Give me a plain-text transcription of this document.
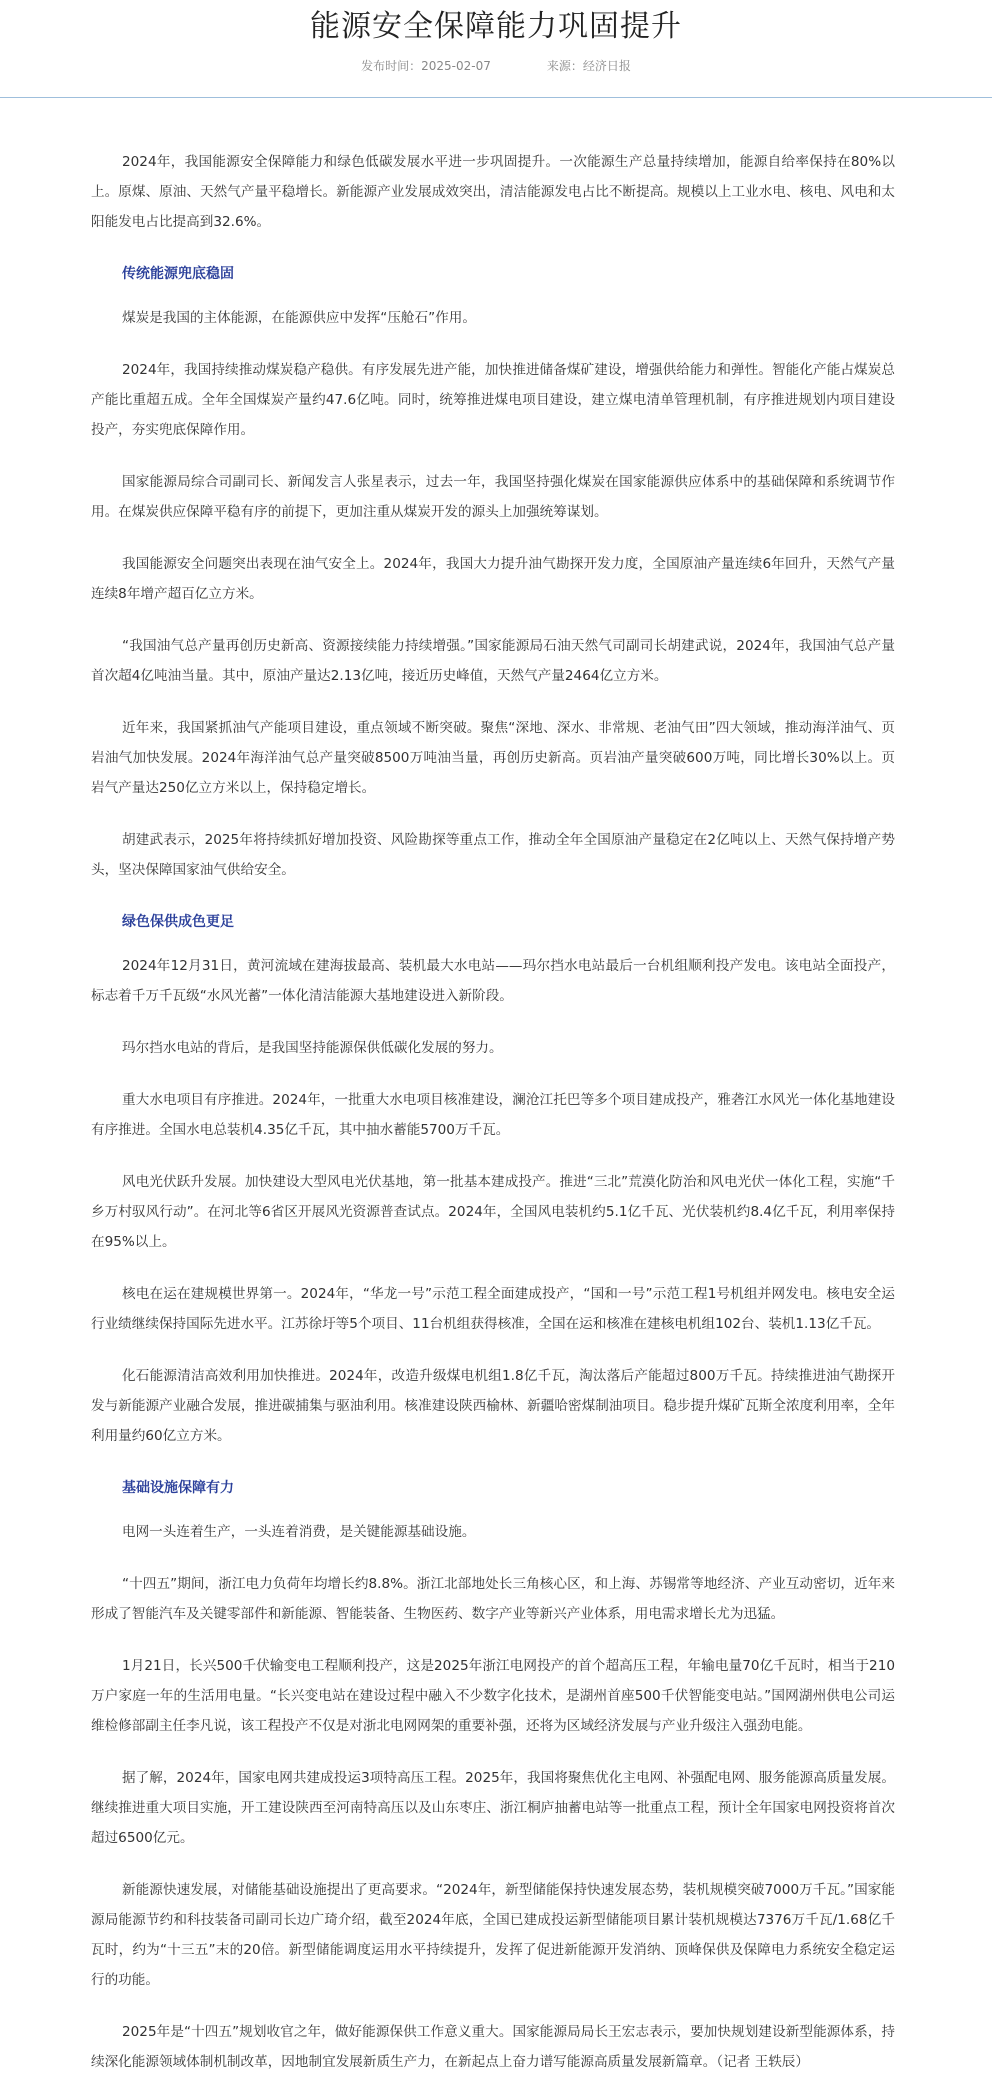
能源安全保障能力巩固提升
发布时间：2025-02-07	来源：经济日报

2024年，我国能源安全保障能力和绿色低碳发展水平进一步巩固提升。一次能源生产总量持续增加，能源自给率保持在80%以上。原煤、原油、天然气产量平稳增长。新能源产业发展成效突出，清洁能源发电占比不断提高。规模以上工业水电、核电、风电和太阳能发电占比提高到32.6%。

传统能源兜底稳固

煤炭是我国的主体能源，在能源供应中发挥“压舱石”作用。

2024年，我国持续推动煤炭稳产稳供。有序发展先进产能，加快推进储备煤矿建设，增强供给能力和弹性。智能化产能占煤炭总产能比重超五成。全年全国煤炭产量约47.6亿吨。同时，统筹推进煤电项目建设，建立煤电清单管理机制，有序推进规划内项目建设投产，夯实兜底保障作用。

国家能源局综合司副司长、新闻发言人张星表示，过去一年，我国坚持强化煤炭在国家能源供应体系中的基础保障和系统调节作用。在煤炭供应保障平稳有序的前提下，更加注重从煤炭开发的源头上加强统筹谋划。

我国能源安全问题突出表现在油气安全上。2024年，我国大力提升油气勘探开发力度，全国原油产量连续6年回升，天然气产量连续8年增产超百亿立方米。

“我国油气总产量再创历史新高、资源接续能力持续增强。”国家能源局石油天然气司副司长胡建武说，2024年，我国油气总产量首次超4亿吨油当量。其中，原油产量达2.13亿吨，接近历史峰值，天然气产量2464亿立方米。

近年来，我国紧抓油气产能项目建设，重点领域不断突破。聚焦“深地、深水、非常规、老油气田”四大领域，推动海洋油气、页岩油气加快发展。2024年海洋油气总产量突破8500万吨油当量，再创历史新高。页岩油产量突破600万吨，同比增长30%以上。页岩气产量达250亿立方米以上，保持稳定增长。

胡建武表示，2025年将持续抓好增加投资、风险勘探等重点工作，推动全年全国原油产量稳定在2亿吨以上、天然气保持增产势头，坚决保障国家油气供给安全。

绿色保供成色更足

2024年12月31日，黄河流域在建海拔最高、装机最大水电站——玛尔挡水电站最后一台机组顺利投产发电。该电站全面投产，标志着千万千瓦级“水风光蓄”一体化清洁能源大基地建设进入新阶段。

玛尔挡水电站的背后，是我国坚持能源保供低碳化发展的努力。

重大水电项目有序推进。2024年，一批重大水电项目核准建设，澜沧江托巴等多个项目建成投产，雅砻江水风光一体化基地建设有序推进。全国水电总装机4.35亿千瓦，其中抽水蓄能5700万千瓦。

风电光伏跃升发展。加快建设大型风电光伏基地，第一批基本建成投产。推进“三北”荒漠化防治和风电光伏一体化工程，实施“千乡万村驭风行动”。在河北等6省区开展风光资源普查试点。2024年，全国风电装机约5.1亿千瓦、光伏装机约8.4亿千瓦，利用率保持在95%以上。

核电在运在建规模世界第一。2024年，“华龙一号”示范工程全面建成投产，“国和一号”示范工程1号机组并网发电。核电安全运行业绩继续保持国际先进水平。江苏徐圩等5个项目、11台机组获得核准，全国在运和核准在建核电机组102台、装机1.13亿千瓦。

化石能源清洁高效利用加快推进。2024年，改造升级煤电机组1.8亿千瓦，淘汰落后产能超过800万千瓦。持续推进油气勘探开发与新能源产业融合发展，推进碳捕集与驱油利用。核准建设陕西榆林、新疆哈密煤制油项目。稳步提升煤矿瓦斯全浓度利用率，全年利用量约60亿立方米。

基础设施保障有力

电网一头连着生产，一头连着消费，是关键能源基础设施。

“十四五”期间，浙江电力负荷年均增长约8.8%。浙江北部地处长三角核心区，和上海、苏锡常等地经济、产业互动密切，近年来形成了智能汽车及关键零部件和新能源、智能装备、生物医药、数字产业等新兴产业体系，用电需求增长尤为迅猛。

1月21日，长兴500千伏输变电工程顺利投产，这是2025年浙江电网投产的首个超高压工程，年输电量70亿千瓦时，相当于210万户家庭一年的生活用电量。“长兴变电站在建设过程中融入不少数字化技术，是湖州首座500千伏智能变电站。”国网湖州供电公司运维检修部副主任李凡说，该工程投产不仅是对浙北电网网架的重要补强，还将为区域经济发展与产业升级注入强劲电能。

据了解，2024年，国家电网共建成投运3项特高压工程。2025年，我国将聚焦优化主电网、补强配电网、服务能源高质量发展。继续推进重大项目实施，开工建设陕西至河南特高压以及山东枣庄、浙江桐庐抽蓄电站等一批重点工程，预计全年国家电网投资将首次超过6500亿元。

新能源快速发展，对储能基础设施提出了更高要求。“2024年，新型储能保持快速发展态势，装机规模突破7000万千瓦。”国家能源局能源节约和科技装备司副司长边广琦介绍，截至2024年底，全国已建成投运新型储能项目累计装机规模达7376万千瓦/1.68亿千瓦时，约为“十三五”末的20倍。新型储能调度运用水平持续提升，发挥了促进新能源开发消纳、顶峰保供及保障电力系统安全稳定运行的功能。

2025年是“十四五”规划收官之年，做好能源保供工作意义重大。国家能源局局长王宏志表示，要加快规划建设新型能源体系，持续深化能源领域体制机制改革，因地制宜发展新质生产力，在新起点上奋力谱写能源高质量发展新篇章。（记者 王轶辰）
